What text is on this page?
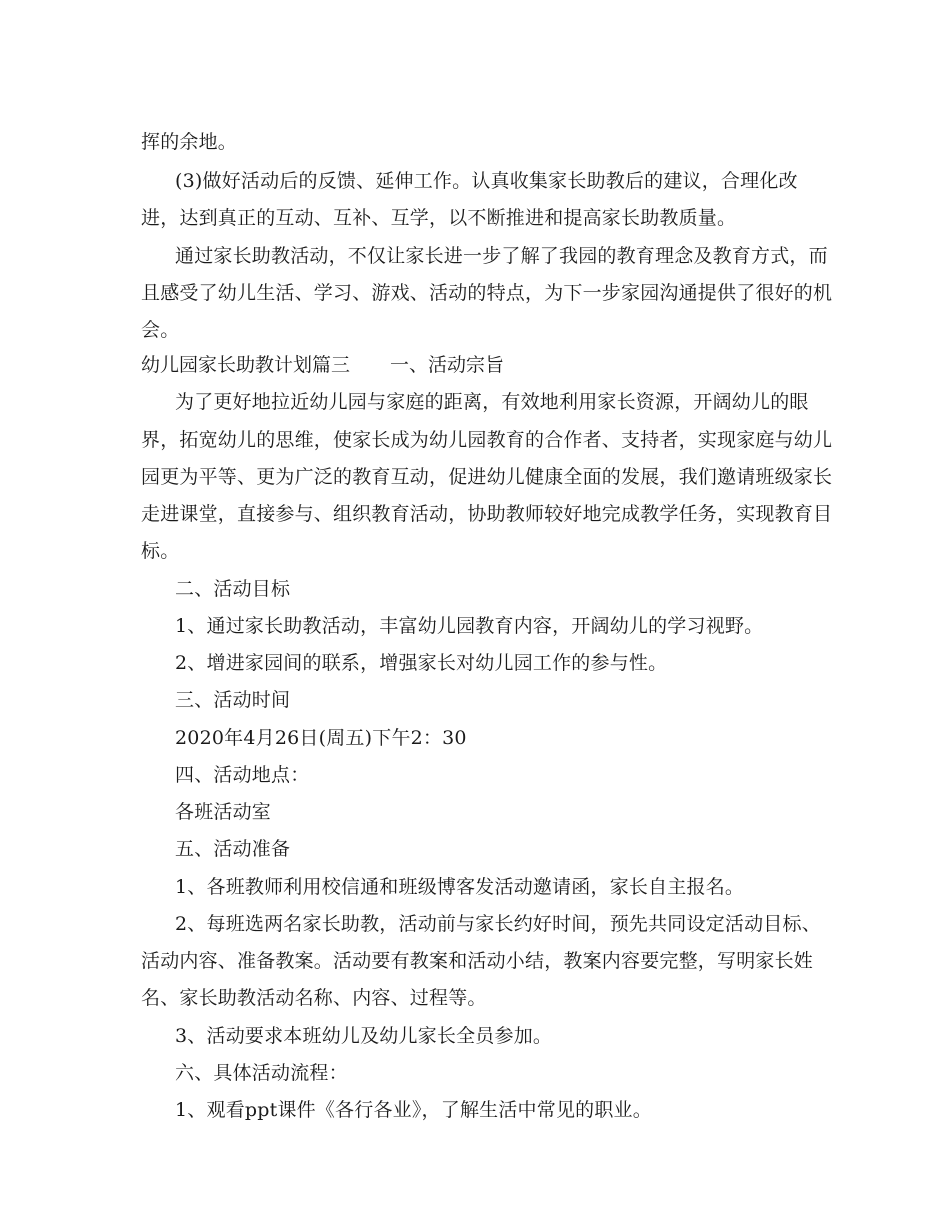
挥的余地。
(3)做好活动后的反馈、延伸工作。认真收集家长助教后的建议，合理化改
进，达到真正的互动、互补、互学，以不断推进和提高家长助教质量。
通过家长助教活动，不仅让家长进一步了解了我园的教育理念及教育方式，而
且感受了幼儿生活、学习、游戏、活动的特点，为下一步家园沟通提供了很好的机
会。
幼儿园家长助教计划篇三 一、活动宗旨
为了更好地拉近幼儿园与家庭的距离，有效地利用家长资源，开阔幼儿的眼
界，拓宽幼儿的思维，使家长成为幼儿园教育的合作者、支持者，实现家庭与幼儿
园更为平等、更为广泛的教育互动，促进幼儿健康全面的发展，我们邀请班级家长
走进课堂，直接参与、组织教育活动，协助教师较好地完成教学任务，实现教育目
标。
二、活动目标
1、通过家长助教活动，丰富幼儿园教育内容，开阔幼儿的学习视野。
2、增进家园间的联系，增强家长对幼儿园工作的参与性。
三、活动时间
2020年4月26日(周五)下午2：30
四、活动地点：
各班活动室
五、活动准备
1、各班教师利用校信通和班级博客发活动邀请函，家长自主报名。
2、每班选两名家长助教，活动前与家长约好时间，预先共同设定活动目标、
活动内容、准备教案。活动要有教案和活动小结，教案内容要完整，写明家长姓
名、家长助教活动名称、内容、过程等。
3、活动要求本班幼儿及幼儿家长全员参加。
六、具体活动流程：
1、观看ppt课件《各行各业》，了解生活中常见的职业。
